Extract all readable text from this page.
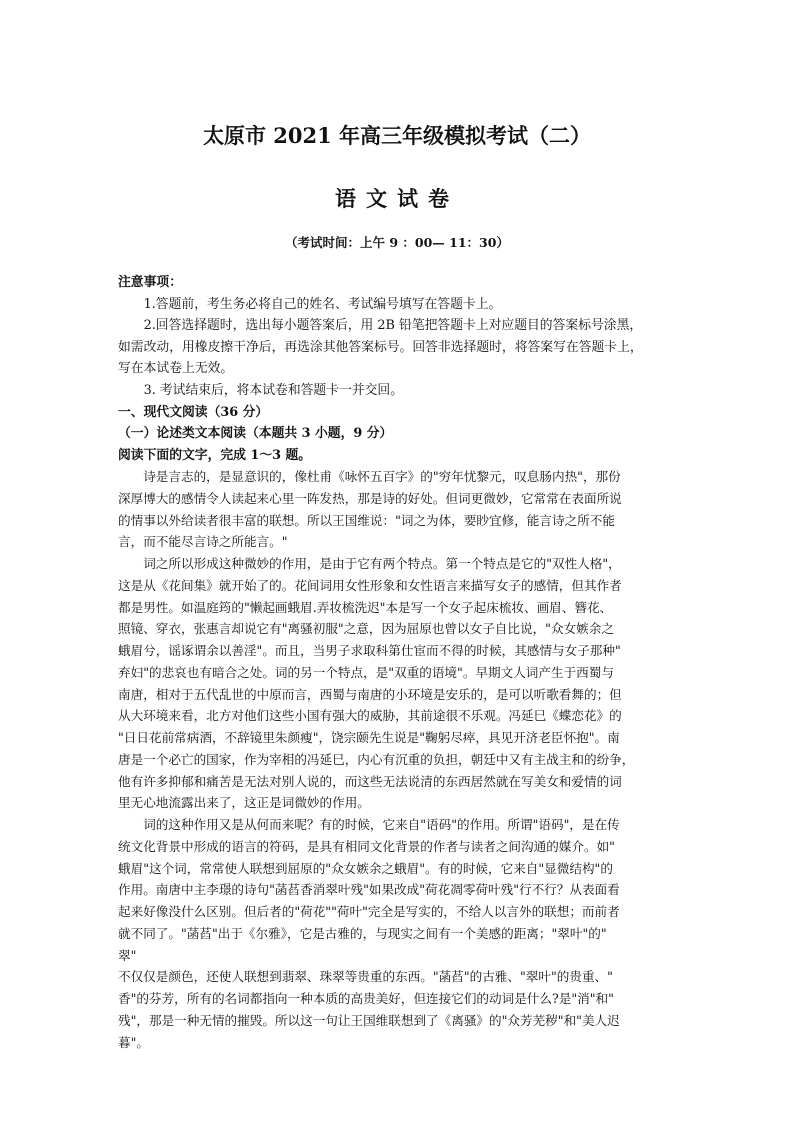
太原市 2021 年高三年级模拟考试（二）
语文试卷
（考试时间：上午 9 ：00— 11：30）
注意事项：
1.答题前，考生务必将自己的姓名、考试编号填写在答题卡上。
2.回答选择题时，选出每小题答案后，用 2B 铅笔把答题卡上对应题目的答案标号涂黑，
如需改动，用橡皮擦干净后，再选涂其他答案标号。回答非选择题时，将答案写在答题卡上，
写在本试卷上无效。
3. 考试结束后，将本试卷和答题卡一并交回。
一、现代文阅读（36 分）
（一）论述类文本阅读（本题共 3 小题，9 分）
阅读下面的文字，完成 1～3 题。
诗是言志的，是显意识的，像杜甫《咏怀五百字》的"穷年忧黎元，叹息肠内热"，那份
深厚博大的感情令人读起来心里一阵发热，那是诗的好处。但词更微妙，它常常在表面所说
的情事以外给读者很丰富的联想。所以王国维说："词之为体，要眇宜修，能言诗之所不能
言，而不能尽言诗之所能言。"
词之所以形成这种微妙的作用，是由于它有两个特点。第一个特点是它的"双性人格"，
这是从《花间集》就开始了的。花间词用女性形象和女性语言来描写女子的感情，但其作者
都是男性。如温庭筠的"懒起画蛾眉.弄妆梳洗迟"本是写一个女子起床梳妆、画眉、簪花、
照镜、穿衣，张惠言却说它有"离骚初服"之意，因为屈原也曾以女子自比说，"众女嫉余之
蛾眉兮，谣诼谓余以善淫"。而且，当男子求取科第仕宦而不得的时候，其感情与女子那种"
弃妇"的悲哀也有暗合之处。词的另一个特点，是"双重的语境"。早期文人词产生于西蜀与
南唐，相对于五代乱世的中原而言，西蜀与南唐的小环境是安乐的，是可以听歌看舞的；但
从大环境来看，北方对他们这些小国有强大的威胁，其前途很不乐观。冯延巳《蝶恋花》的
"日日花前常病酒，不辞镜里朱颜瘦"，饶宗颐先生说是"鞠躬尽瘁，具见开济老臣怀抱"。南
唐是一个必亡的国家，作为宰相的冯延巳，内心有沉重的负担，朝廷中又有主战主和的纷争，
他有许多抑郁和痛苦是无法对别人说的，而这些无法说清的东西居然就在写美女和爱情的词
里无心地流露出来了，这正是词微妙的作用。
词的这种作用又是从何而来呢？有的时候，它来自"语码"的作用。所谓"语码"，是在传
统文化背景中形成的语言的符码，是具有相同文化背景的作者与读者之间沟通的媒介。如"
蛾眉"这个词，常常使人联想到屈原的"众女嫉余之蛾眉"。有的时候，它来自"显微结构"的
作用。南唐中主李璟的诗句"菡萏香消翠叶残"如果改成"荷花凋零荷叶残"行不行？从表面看
起来好像没什么区别。但后者的"荷花""荷叶"完全是写实的，不给人以言外的联想；而前者
就不同了。"菡萏"出于《尔雅》，它是古雅的，与现实之间有一个美感的距离；"翠叶"的"
翠"
不仅仅是颜色，还使人联想到翡翠、珠翠等贵重的东西。"菡萏"的古雅、"翠叶"的贵重、"
香"的芬芳，所有的名词都指向一种本质的高贵美好，但连接它们的动词是什么?是"消"和"
残"，那是一种无情的摧毁。所以这一句让王国维联想到了《离骚》的"众芳芜秽"和"美人迟
暮"。
